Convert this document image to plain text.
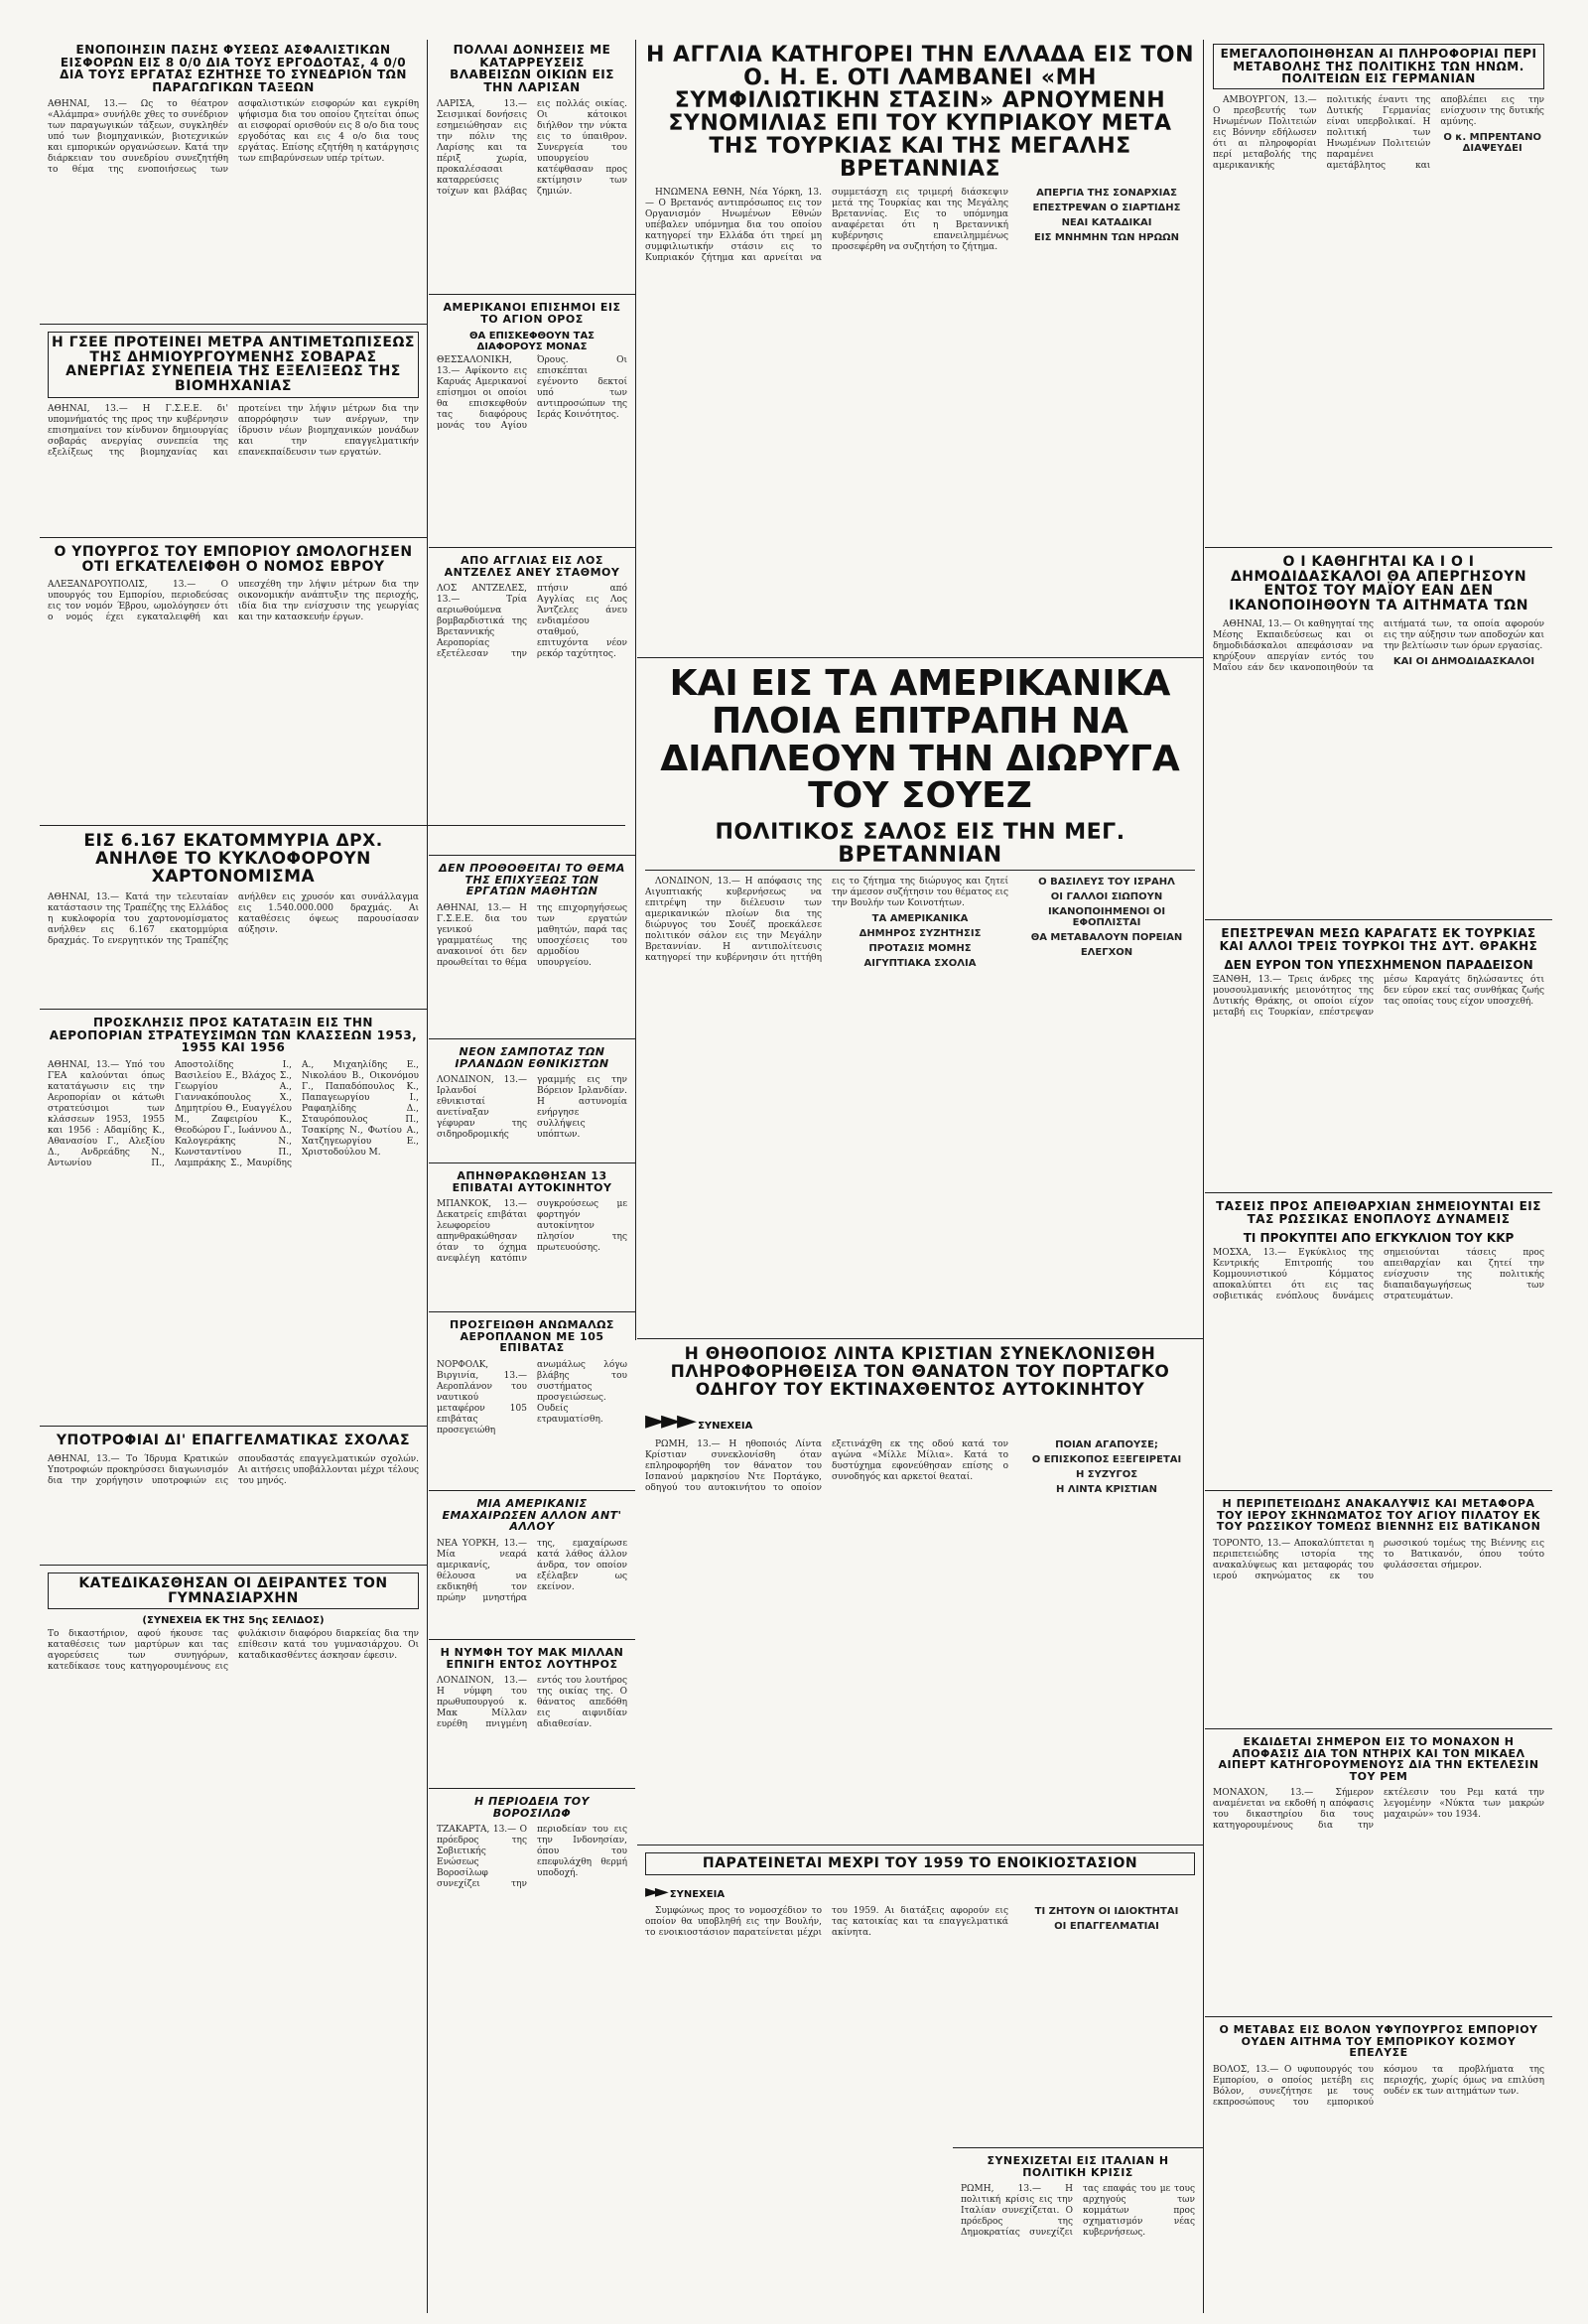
ΕΝΟΠΟΙΗΣΙΝ ΠΑΣΗΣ ΦΥΣΕΩΣ ΑΣΦΑΛΙΣΤΙΚΩΝ ΕΙΣΦΟΡΩΝ ΕΙΣ 8 0/0 ΔΙΑ ΤΟΥΣ ΕΡΓΟΔΟΤΑΣ, 4 0/0 ΔΙΑ ΤΟΥΣ ΕΡΓΑΤΑΣ ΕΖΗΤΗΣΕ ΤΟ ΣΥΝΕΔΡΙΟΝ ΤΩΝ ΠΑΡΑΓΩΓΙΚΩΝ ΤΑΞΕΩΝ
ΑΘΗΝΑΙ, 13.— Ως το θέατρον «Αλάμπρα» συνήλθε χθες το συνέδριον των παραγωγικών τάξεων, συγκληθέν υπό των βιομηχανικών, βιοτεχνικών και εμπορικών οργανώσεων. Κατά την διάρκειαν του συνεδρίου συνεζητήθη το θέμα της ενοποιήσεως των ασφαλιστικών εισφορών και εγκρίθη ψήφισμα δια του οποίου ζητείται όπως αι εισφοραί ορισθούν εις 8 ο/ο δια τους εργοδότας και εις 4 ο/ο δια τους εργάτας. Επίσης εζητήθη η κατάργησις των επιβαρύνσεων υπέρ τρίτων.
Η ΓΣΕΕ ΠΡΟΤΕΙΝΕΙ ΜΕΤΡΑ ΑΝΤΙΜΕΤΩΠΙΣΕΩΣ ΤΗΣ ΔΗΜΙΟΥΡΓΟΥΜΕΝΗΣ ΣΟΒΑΡΑΣ ΑΝΕΡΓΙΑΣ ΣΥΝΕΠΕΙΑ ΤΗΣ ΕΞΕΛΙΞΕΩΣ ΤΗΣ ΒΙΟΜΗΧΑΝΙΑΣ
ΑΘΗΝΑΙ, 13.— Η Γ.Σ.Ε.Ε. δι' υπομνήματός της προς την κυβέρνησιν επισημαίνει τον κίνδυνον δημιουργίας σοβαράς ανεργίας συνεπεία της εξελίξεως της βιομηχανίας και προτείνει την λήψιν μέτρων δια την απορρόφησιν των ανέργων, την ίδρυσιν νέων βιομηχανικών μονάδων και την επαγγελματικήν επανεκπαίδευσιν των εργατών.
Ο ΥΠΟΥΡΓΟΣ ΤΟΥ ΕΜΠΟΡΙΟΥ ΩΜΟΛΟΓΗΣΕΝ ΟΤΙ ΕΓΚΑΤΕΛΕΙΦΘΗ Ο ΝΟΜΟΣ ΕΒΡΟΥ
ΑΛΕΞΑΝΔΡΟΥΠΟΛΙΣ, 13.— Ο υπουργός του Εμπορίου, περιοδεύσας εις τον νομόν Έβρου, ωμολόγησεν ότι ο νομός έχει εγκαταλειφθή και υπεσχέθη την λήψιν μέτρων δια την οικονομικήν ανάπτυξιν της περιοχής, ιδία δια την ενίσχυσιν της γεωργίας και την κατασκευήν έργων.
ΕΙΣ 6.167 ΕΚΑΤΟΜΜΥΡΙΑ ΔΡΧ. ΑΝΗΛΘΕ ΤΟ ΚΥΚΛΟΦΟΡΟΥΝ ΧΑΡΤΟΝΟΜΙΣΜΑ
ΑΘΗΝΑΙ, 13.— Κατά την τελευταίαν κατάστασιν της Τραπέζης της Ελλάδος η κυκλοφορία του χαρτονομίσματος ανήλθεν εις 6.167 εκατομμύρια δραχμάς. Το ενεργητικόν της Τραπέζης ανήλθεν εις χρυσόν και συνάλλαγμα εις 1.540.000.000 δραχμάς. Αι καταθέσεις όψεως παρουσίασαν αύξησιν.
ΠΡΟΣΚΛΗΣΙΣ ΠΡΟΣ ΚΑΤΑΤΑΞΙΝ ΕΙΣ ΤΗΝ ΑΕΡΟΠΟΡΙΑΝ ΣΤΡΑΤΕΥΣΙΜΩΝ ΤΩΝ ΚΛΑΣΣΕΩΝ 1953, 1955 ΚΑΙ 1956
ΑΘΗΝΑΙ, 13.— Υπό του ΓΕΑ καλούνται όπως κατατάγωσιν εις την Αεροπορίαν οι κάτωθι στρατεύσιμοι των κλάσσεων 1953, 1955 και 1956 : Αδαμίδης Κ., Αθανασίου Γ., Αλεξίου Δ., Ανδρεάδης Ν., Αντωνίου Π., Αποστολίδης Ι., Βασιλείου Ε., Βλάχος Σ., Γεωργίου Α., Γιαννακόπουλος Χ., Δημητρίου Θ., Ευαγγέλου Μ., Ζαφειρίου Κ., Θεοδώρου Γ., Ιωάννου Δ., Καλογεράκης Ν., Κωνσταντίνου Π., Λαμπράκης Σ., Μαυρίδης Α., Μιχαηλίδης Ε., Νικολάου Β., Οικονόμου Γ., Παπαδόπουλος Κ., Παπαγεωργίου Ι., Ραφαηλίδης Δ., Σταυρόπουλος Π., Τσακίρης Ν., Φωτίου Α., Χατζηγεωργίου Ε., Χριστοδούλου Μ.
ΥΠΟΤΡΟΦΙΑΙ ΔΙ' ΕΠΑΓΓΕΛΜΑΤΙΚΑΣ ΣΧΟΛΑΣ
ΑΘΗΝΑΙ, 13.— Το Ίδρυμα Κρατικών Υποτροφιών προκηρύσσει διαγωνισμόν δια την χορήγησιν υποτροφιών εις σπουδαστάς επαγγελματικών σχολών. Αι αιτήσεις υποβάλλονται μέχρι τέλους του μηνός.
ΚΑΤΕΔΙΚΑΣΘΗΣΑΝ ΟΙ ΔΕΙΡΑΝΤΕΣ ΤΟΝ ΓΥΜΝΑΣΙΑΡΧΗΝ
(ΣΥΝΕΧΕΙΑ ΕΚ ΤΗΣ 5ης ΣΕΛΙΔΟΣ)
Το δικαστήριον, αφού ήκουσε τας καταθέσεις των μαρτύρων και τας αγορεύσεις των συνηγόρων, κατεδίκασε τους κατηγορουμένους εις φυλάκισιν διαφόρου διαρκείας δια την επίθεσιν κατά του γυμνασιάρχου. Οι καταδικασθέντες άσκησαν έφεσιν.
ΠΟΛΛΑΙ ΔΟΝΗΣΕΙΣ ΜΕ ΚΑΤΑΡΡΕΥΣΕΙΣ ΒΛΑΒΕΙΣΩΝ ΟΙΚΙΩΝ ΕΙΣ ΤΗΝ ΛΑΡΙΣΑΝ
ΛΑΡΙΣΑ, 13.— Σεισμικαί δονήσεις εσημειώθησαν εις την πόλιν της Λαρίσης και τα πέριξ χωρία, προκαλέσασαι καταρρεύσεις τοίχων και βλάβας εις πολλάς οικίας. Οι κάτοικοι διήλθον την νύκτα εις το ύπαιθρον. Συνεργεία του υπουργείου κατέφθασαν προς εκτίμησιν των ζημιών.
ΑΜΕΡΙΚΑΝΟΙ ΕΠΙΣΗΜΟΙ ΕΙΣ ΤΟ ΑΓΙΟΝ ΟΡΟΣ
ΘΑ ΕΠΙΣΚΕΦΘΟΥΝ ΤΑΣ ΔΙΑΦΟΡΟΥΣ ΜΟΝΑΣ
ΘΕΣΣΑΛΟΝΙΚΗ, 13.— Αφίκοντο εις Καρυάς Αμερικανοί επίσημοι οι οποίοι θα επισκεφθούν τας διαφόρους μονάς του Αγίου Όρους. Οι επισκέπται εγένοντο δεκτοί υπό των αντιπροσώπων της Ιεράς Κοινότητος.
ΑΠΟ ΑΓΓΛΙΑΣ ΕΙΣ ΛΟΣ ΑΝΤΖΕΛΕΣ ΑΝΕΥ ΣΤΑΘΜΟΥ
ΛΟΣ ΑΝΤΖΕΛΕΣ, 13.— Τρία αεριωθούμενα βομβαρδιστικά της Βρεταννικής Αεροπορίας εξετέλεσαν την πτήσιν από Αγγλίας εις Λος Άντζελες άνευ ενδιαμέσου σταθμού, επιτυχόντα νέον ρεκόρ ταχύτητος.
ΔΕΝ ΠΡΟΘΟΘΕΙΤΑΙ ΤΟ ΘΕΜΑ ΤΗΣ ΕΠΙΧΥΞΕΩΣ ΤΩΝ ΕΡΓΑΤΩΝ ΜΑΘΗΤΩΝ
ΑΘΗΝΑΙ, 13.— Η Γ.Σ.Ε.Ε. δια του γενικού γραμματέως της ανακοινοί ότι δεν προωθείται το θέμα της επιχορηγήσεως των εργατών μαθητών, παρά τας υποσχέσεις του αρμοδίου υπουργείου.
ΝΕΟΝ ΣΑΜΠΟΤΑΖ ΤΩΝ ΙΡΛΑΝΔΩΝ ΕΘΝΙΚΙΣΤΩΝ
ΛΟΝΔΙΝΟΝ, 13.— Ιρλανδοί εθνικισταί ανετίναξαν γέφυραν της σιδηροδρομικής γραμμής εις την Βόρειον Ιρλανδίαν. Η αστυνομία ενήργησε συλλήψεις υπόπτων.
ΑΠΗΝΘΡΑΚΩΘΗΣΑΝ 13 ΕΠΙΒΑΤΑΙ ΑΥΤΟΚΙΝΗΤΟΥ
ΜΠΑΝΚΟΚ, 13.— Δεκατρείς επιβάται λεωφορείου απηνθρακώθησαν όταν το όχημα ανεφλέγη κατόπιν συγκρούσεως με φορτηγόν αυτοκίνητον πλησίον της πρωτευούσης.
ΠΡΟΣΓΕΙΩΘΗ ΑΝΩΜΑΛΩΣ ΑΕΡΟΠΛΑΝΟΝ ΜΕ 105 ΕΠΙΒΑΤΑΣ
ΝΟΡΦΟΛΚ, Βιργινία, 13.— Αεροπλάνον του ναυτικού μεταφέρον 105 επιβάτας προσεγειώθη ανωμάλως λόγω βλάβης του συστήματος προσγειώσεως. Ουδείς ετραυματίσθη.
ΜΙΑ ΑΜΕΡΙΚΑΝΙΣ ΕΜΑΧΑΙΡΩΣΕΝ ΑΛΛΟΝ ΑΝΤ' ΑΛΛΟΥ
ΝΕΑ ΥΟΡΚΗ, 13.— Μία νεαρά αμερικανίς, θέλουσα να εκδικηθή τον πρώην μνηστήρα της, εμαχαίρωσε κατά λάθος άλλον άνδρα, τον οποίον εξέλαβεν ως εκείνον.
Η ΝΥΜΦΗ ΤΟΥ ΜΑΚ ΜΙΛΛΑΝ ΕΠΝΙΓΗ ΕΝΤΟΣ ΛΟΥΤΗΡΟΣ
ΛΟΝΔΙΝΟΝ, 13.— Η νύμφη του πρωθυπουργού κ. Μακ Μίλλαν ευρέθη πνιγμένη εντός του λουτήρος της οικίας της. Ο θάνατος απεδόθη εις αιφνιδίαν αδιαθεσίαν.
Η ΠΕΡΙΟΔΕΙΑ ΤΟΥ ΒΟΡΟΣΙΛΩΦ
ΤΖΑΚΑΡΤΑ, 13.— Ο πρόεδρος της Σοβιετικής Ενώσεως Βοροσίλωφ συνεχίζει την περιοδείαν του εις την Ινδονησίαν, όπου του επεφυλάχθη θερμή υποδοχή.
Η ΑΓΓΛΙΑ ΚΑΤΗΓΟΡΕΙ ΤΗΝ ΕΛΛΑΔΑ ΕΙΣ ΤΟΝ Ο. Η. Ε. ΟΤΙ ΛΑΜΒΑΝΕΙ «ΜΗ ΣΥΜΦΙΛΙΩΤΙΚΗΝ ΣΤΑΣΙΝ» ΑΡΝΟΥΜΕΝΗ ΣΥΝΟΜΙΛΙΑΣ ΕΠΙ ΤΟΥ ΚΥΠΡΙΑΚΟΥ ΜΕΤΑ ΤΗΣ ΤΟΥΡΚΙΑΣ ΚΑΙ ΤΗΣ ΜΕΓΑΛΗΣ ΒΡΕΤΑΝΝΙΑΣ

ΗΝΩΜΕΝΑ ΕΘΝΗ, Νέα Υόρκη, 13.— Ο Βρετανός αντιπρόσωπος εις τον Οργανισμόν Ηνωμένων Εθνών υπέβαλεν υπόμνημα δια του οποίου κατηγορεί την Ελλάδα ότι τηρεί μη συμφιλιωτικήν στάσιν εις το Κυπριακόν ζήτημα και αρνείται να συμμετάσχη εις τριμερή διάσκεψιν μετά της Τουρκίας και της Μεγάλης Βρεταννίας. Εις το υπόμνημα αναφέρεται ότι η Βρεταννική κυβέρνησις επανειλημμένως προσεφέρθη να συζητήση το ζήτημα.

ΑΠΕΡΓΙΑ ΤΗΣ ΣΟΝΑΡΧΙΑΣ
ΕΠΕΣΤΡΕΨΑΝ Ο ΣΙΑΡΤΙΔΗΣ
ΝΕΑΙ ΚΑΤΑΔΙΚΑΙ
ΕΙΣ ΜΝΗΜΗΝ ΤΩΝ ΗΡΩΩΝ
ΚΑΙ ΕΙΣ ΤΑ ΑΜΕΡΙΚΑΝΙΚΑ ΠΛΟΙΑ ΕΠΙΤΡΑΠΗ ΝΑ ΔΙΑΠΛΕΟΥΝ ΤΗΝ ΔΙΩΡΥΓΑ ΤΟΥ ΣΟΥΕΖ
ΠΟΛΙΤΙΚΟΣ ΣΑΛΟΣ ΕΙΣ ΤΗΝ ΜΕΓ. ΒΡΕΤΑΝΝΙΑΝ

ΛΟΝΔΙΝΟΝ, 13.— Η απόφασις της Αιγυπτιακής κυβερνήσεως να επιτρέψη την διέλευσιν των αμερικανικών πλοίων δια της διώρυγος του Σουέζ προεκάλεσε πολιτικόν σάλον εις την Μεγάλην Βρεταννίαν. Η αντιπολίτευσις κατηγορεί την κυβέρνησιν ότι ηττήθη εις το ζήτημα της διώρυγος και ζητεί την άμεσον συζήτησιν του θέματος εις την Βουλήν των Κοινοτήτων.

ΤΑ ΑΜΕΡΙΚΑΝΙΚΑ
ΔΗΜΗΡΟΣ ΣΥΖΗΤΗΣΙΣ
ΠΡΟΤΑΣΙΣ ΜΟΜΗΣ
ΑΙΓΥΠΤΙΑΚΑ ΣΧΟΛΙΑ
Ο ΒΑΣΙΛΕΥΣ ΤΟΥ ΙΣΡΑΗΛ
ΟΙ ΓΑΛΛΟΙ ΣΙΩΠΟΥΝ
ΙΚΑΝΟΠΟΙΗΜΕΝΟΙ ΟΙ ΕΦΟΠΛΙΣΤΑΙ
ΘΑ ΜΕΤΑΒΑΛΟΥΝ ΠΟΡΕΙΑΝ
ΕΛΕΓΧΟΝ
Η ΘΗΘΟΠΟΙΟΣ ΛΙΝΤΑ ΚΡΙΣΤΙΑΝ ΣΥΝΕΚΛΟΝΙΣΘΗ ΠΛΗΡΟΦΟΡΗΘΕΙΣΑ ΤΟΝ ΘΑΝΑΤΟΝ ΤΟΥ ΠΟΡΤΑΓΚΟ ΟΔΗΓΟΥ ΤΟΥ ΕΚΤΙΝΑΧΘΕΝΤΟΣ ΑΥΤΟΚΙΝΗΤΟΥ
►►► ΣΥΝΕΧΕΙΑ

ΡΩΜΗ, 13.— Η ηθοποιός Λίντα Κρίστιαν συνεκλονίσθη όταν επληροφορήθη τον θάνατον του Ισπανού μαρκησίου Ντε Πορτάγκο, οδηγού του αυτοκινήτου το οποίον εξετινάχθη εκ της οδού κατά τον αγώνα «Μίλλε Μίλια». Κατά το δυστύχημα εφονεύθησαν επίσης ο συνοδηγός και αρκετοί θεαταί.

ΠΟΙΑΝ ΑΓΑΠΟΥΣΕ;
Ο ΕΠΙΣΚΟΠΟΣ ΕΞΕΓΕΙΡΕΤΑΙ
Η ΣΥΖΥΓΟΣ
Η ΛΙΝΤΑ ΚΡΙΣΤΙΑΝ
ΠΑΡΑΤΕΙΝΕΤΑΙ ΜΕΧΡΙ ΤΟΥ 1959 ΤΟ ΕΝΟΙΚΙΟΣΤΑΣΙΟΝ
►► ΣΥΝΕΧΕΙΑ

Συμφώνως προς το νομοσχέδιον το οποίον θα υποβληθή εις την Βουλήν, το ενοικιοστάσιον παρατείνεται μέχρι του 1959. Αι διατάξεις αφορούν εις τας κατοικίας και τα επαγγελματικά ακίνητα.

ΤΙ ΖΗΤΟΥΝ ΟΙ ΙΔΙΟΚΤΗΤΑΙ
ΟΙ ΕΠΑΓΓΕΛΜΑΤΙΑΙ
ΣΥΝΕΧΙΖΕΤΑΙ ΕΙΣ ΙΤΑΛΙΑΝ Η ΠΟΛΙΤΙΚΗ ΚΡΙΣΙΣ
ΡΩΜΗ, 13.— Η πολιτική κρίσις εις την Ιταλίαν συνεχίζεται. Ο πρόεδρος της Δημοκρατίας συνεχίζει τας επαφάς του με τους αρχηγούς των κομμάτων προς σχηματισμόν νέας κυβερνήσεως.
ΕΜΕΓΑΛΟΠΟΙΗΘΗΣΑΝ ΑΙ ΠΛΗΡΟΦΟΡΙΑΙ ΠΕΡΙ ΜΕΤΑΒΟΛΗΣ ΤΗΣ ΠΟΛΙΤΙΚΗΣ ΤΩΝ ΗΝΩΜ. ΠΟΛΙΤΕΙΩΝ ΕΙΣ ΓΕΡΜΑΝΙΑΝ

ΑΜΒΟΥΡΓΟΝ, 13.— Ο πρεσβευτής των Ηνωμένων Πολιτειών εις Βόννην εδήλωσεν ότι αι πληροφορίαι περί μεταβολής της αμερικανικής πολιτικής έναντι της Δυτικής Γερμανίας είναι υπερβολικαί. Η πολιτική των Ηνωμένων Πολιτειών παραμένει αμετάβλητος και αποβλέπει εις την ενίσχυσιν της δυτικής αμύνης.

Ο κ. ΜΠΡΕΝΤΑΝΟ ΔΙΑΨΕΥΔΕΙ
Ο Ι ΚΑΘΗΓΗΤΑΙ ΚΑ Ι Ο Ι ΔΗΜΟΔΙΔΑΣΚΑΛΟΙ ΘΑ ΑΠΕΡΓΗΣΟΥΝ ΕΝΤΟΣ ΤΟΥ ΜΑΪΟΥ ΕΑΝ ΔΕΝ ΙΚΑΝΟΠΟΙΗΘΟΥΝ ΤΑ ΑΙΤΗΜΑΤΑ ΤΩΝ

ΑΘΗΝΑΙ, 13.— Οι καθηγηταί της Μέσης Εκπαιδεύσεως και οι δημοδιδάσκαλοι απεφάσισαν να κηρύξουν απεργίαν εντός του Μαΐου εάν δεν ικανοποιηθούν τα αιτήματά των, τα οποία αφορούν εις την αύξησιν των αποδοχών και την βελτίωσιν των όρων εργασίας.

ΚΑΙ ΟΙ ΔΗΜΟΔΙΔΑΣΚΑΛΟΙ
ΕΠΕΣΤΡΕΨΑΝ ΜΕΣΩ ΚΑΡΑΓΑΤΣ ΕΚ ΤΟΥΡΚΙΑΣ ΚΑΙ ΑΛΛΟΙ ΤΡΕΙΣ ΤΟΥΡΚΟΙ ΤΗΣ ΔΥΤ. ΘΡΑΚΗΣ
ΔΕΝ ΕΥΡΟΝ ΤΟΝ ΥΠΕΣΧΗΜΕΝΟΝ ΠΑΡΑΔΕΙΣΟΝ
ΞΑΝΘΗ, 13.— Τρεις άνδρες της μουσουλμανικής μειονότητος της Δυτικής Θράκης, οι οποίοι είχον μεταβή εις Τουρκίαν, επέστρεψαν μέσω Καραγάτς δηλώσαντες ότι δεν εύρον εκεί τας συνθήκας ζωής τας οποίας τους είχον υποσχεθή.
ΤΑΣΕΙΣ ΠΡΟΣ ΑΠΕΙΘΑΡΧΙΑΝ ΣΗΜΕΙΟΥΝΤΑΙ ΕΙΣ ΤΑΣ ΡΩΣΣΙΚΑΣ ΕΝΟΠΛΟΥΣ ΔΥΝΑΜΕΙΣ
ΤΙ ΠΡΟΚΥΠΤΕΙ ΑΠΟ ΕΓΚΥΚΛΙΟΝ ΤΟΥ ΚΚΡ
ΜΟΣΧΑ, 13.— Εγκύκλιος της Κεντρικής Επιτροπής του Κομμουνιστικού Κόμματος αποκαλύπτει ότι εις τας σοβιετικάς ενόπλους δυνάμεις σημειούνται τάσεις προς απειθαρχίαν και ζητεί την ενίσχυσιν της πολιτικής διαπαιδαγωγήσεως των στρατευμάτων.
Η ΠΕΡΙΠΕΤΕΙΩΔΗΣ ΑΝΑΚΑΛΥΨΙΣ ΚΑΙ ΜΕΤΑΦΟΡΑ ΤΟΥ ΙΕΡΟΥ ΣΚΗΝΩΜΑΤΟΣ ΤΟΥ ΑΓΙΟΥ ΠΙΛΑΤΟΥ ΕΚ ΤΟΥ ΡΩΣΣΙΚΟΥ ΤΟΜΕΩΣ ΒΙΕΝΝΗΣ ΕΙΣ ΒΑΤΙΚΑΝΟΝ
ΤΟΡΟΝΤΟ, 13.— Αποκαλύπτεται η περιπετειώδης ιστορία της ανακαλύψεως και μεταφοράς του ιερού σκηνώματος εκ του ρωσσικού τομέως της Βιέννης εις το Βατικανόν, όπου τούτο φυλάσσεται σήμερον.
ΕΚΔΙΔΕΤΑΙ ΣΗΜΕΡΟΝ ΕΙΣ ΤΟ ΜΟΝΑΧΟΝ Η ΑΠΟΦΑΣΙΣ ΔΙΑ ΤΟΝ ΝΤΗΡΙΧ ΚΑΙ ΤΟΝ ΜΙΚΑΕΛ ΑΙΠΕΡΤ ΚΑΤΗΓΟΡΟΥΜΕΝΟΥΣ ΔΙΑ ΤΗΝ ΕΚΤΕΛΕΣΙΝ ΤΟΥ ΡΕΜ
ΜΟΝΑΧΟΝ, 13.— Σήμερον αναμένεται να εκδοθή η απόφασις του δικαστηρίου δια τους κατηγορουμένους δια την εκτέλεσιν του Ρεμ κατά την λεγομένην «Νύκτα των μακρών μαχαιρών» του 1934.
Ο ΜΕΤΑΒΑΣ ΕΙΣ ΒΟΛΟΝ ΥΦΥΠΟΥΡΓΟΣ ΕΜΠΟΡΙΟΥ ΟΥΔΕΝ ΑΙΤΗΜΑ ΤΟΥ ΕΜΠΟΡΙΚΟΥ ΚΟΣΜΟΥ ΕΠΕΛΥΣΕ
ΒΟΛΟΣ, 13.— Ο υφυπουργός του Εμπορίου, ο οποίος μετέβη εις Βόλον, συνεζήτησε με τους εκπροσώπους του εμπορικού κόσμου τα προβλήματα της περιοχής, χωρίς όμως να επιλύση ουδέν εκ των αιτημάτων των.
